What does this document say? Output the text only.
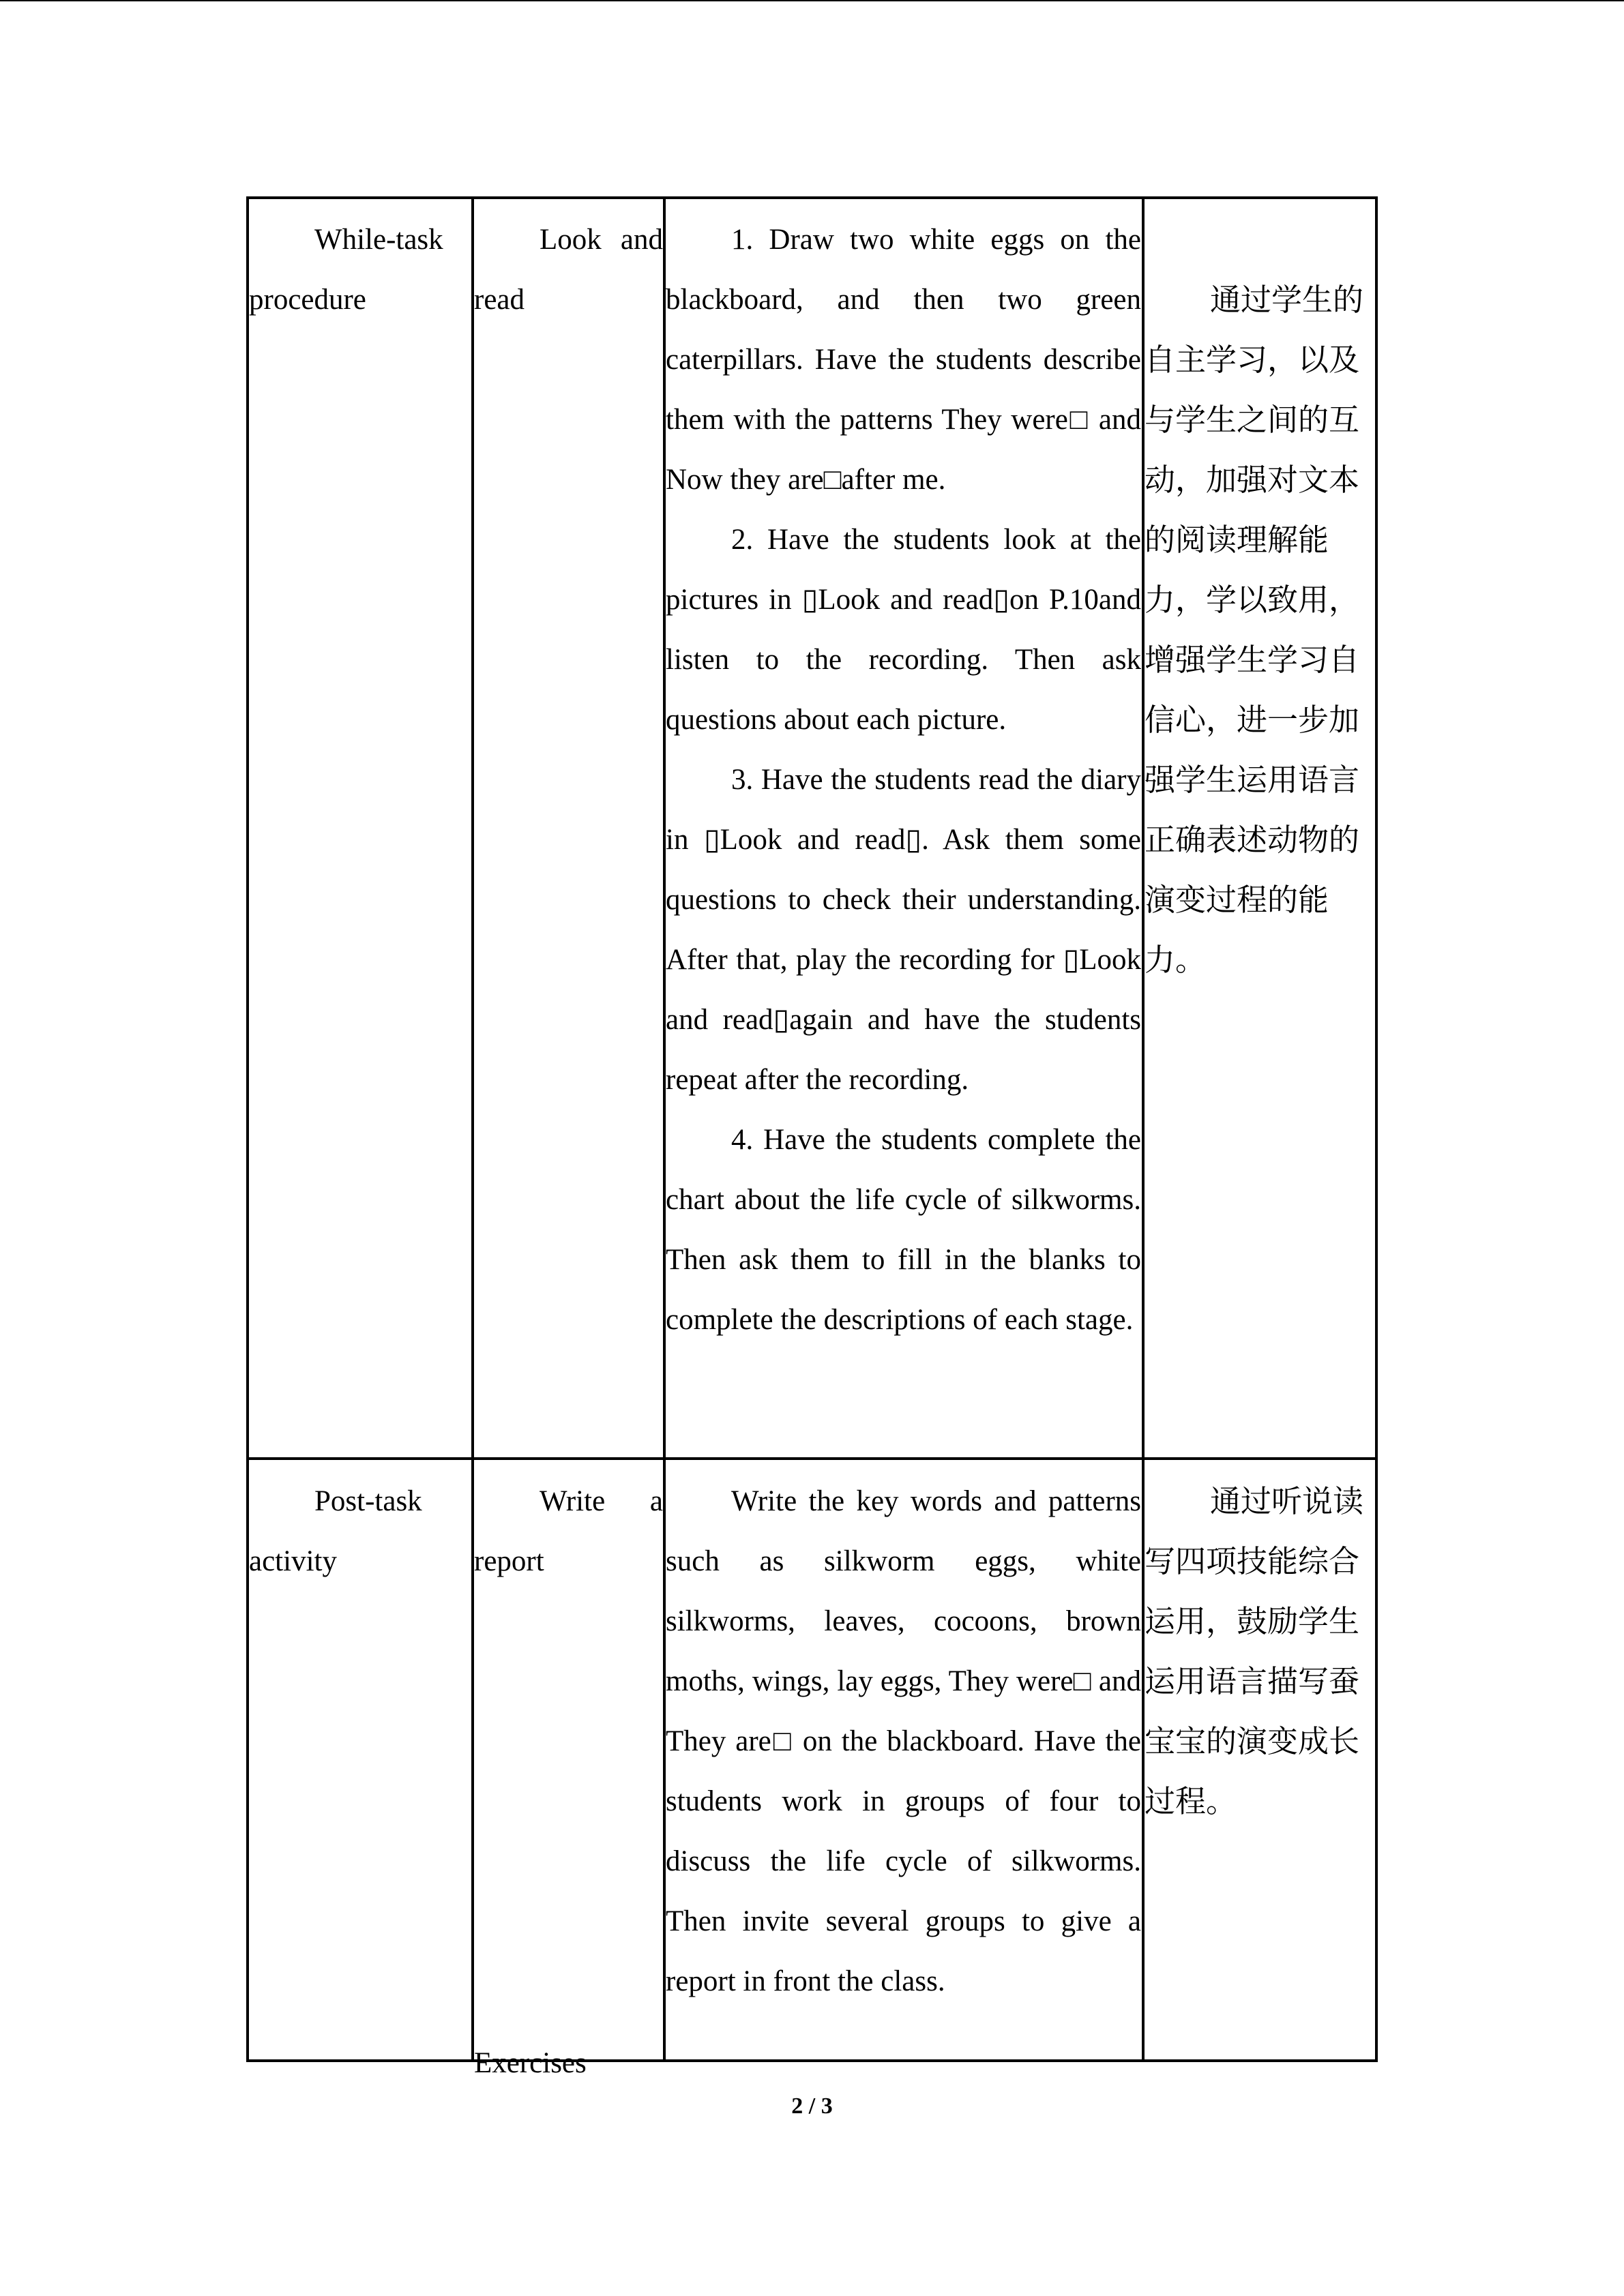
While-task procedure

Look and read

1. Draw two white eggs on the blackboard, and then two green caterpillars. Have the students describe them with the patterns They were□ and Now they are□after me.

2. Have the students look at the pictures in ▯Look and read▯on P.10and listen to the recording. Then ask questions about each picture.

3. Have the students read the diary in ▯Look and read▯. Ask them some questions to check their understanding. After that, play the recording for ▯Look and read▯again and have the students repeat after the recording.

4. Have the students complete the chart about the life cycle of silkworms. Then ask them to fill in the blanks to complete the descriptions of each stage.

通过学生的自主学习，以及与学生之间的互动，加强对文本的阅读理解能力，学以致用，增强学生学习自信心，进一步加强学生运用语言正确表述动物的演变过程的能力。

Post-task activity

Write a report

Exercises

Write the key words and patterns such as silkworm eggs, white silkworms, leaves, cocoons, brown moths, wings, lay eggs, They were□ and They are□ on the blackboard. Have the students work in groups of four to discuss the life cycle of silkworms. Then invite several groups to give a report in front the class.

通过听说读写四项技能综合运用，鼓励学生运用语言描写蚕宝宝的演变成长过程。

2 / 3
